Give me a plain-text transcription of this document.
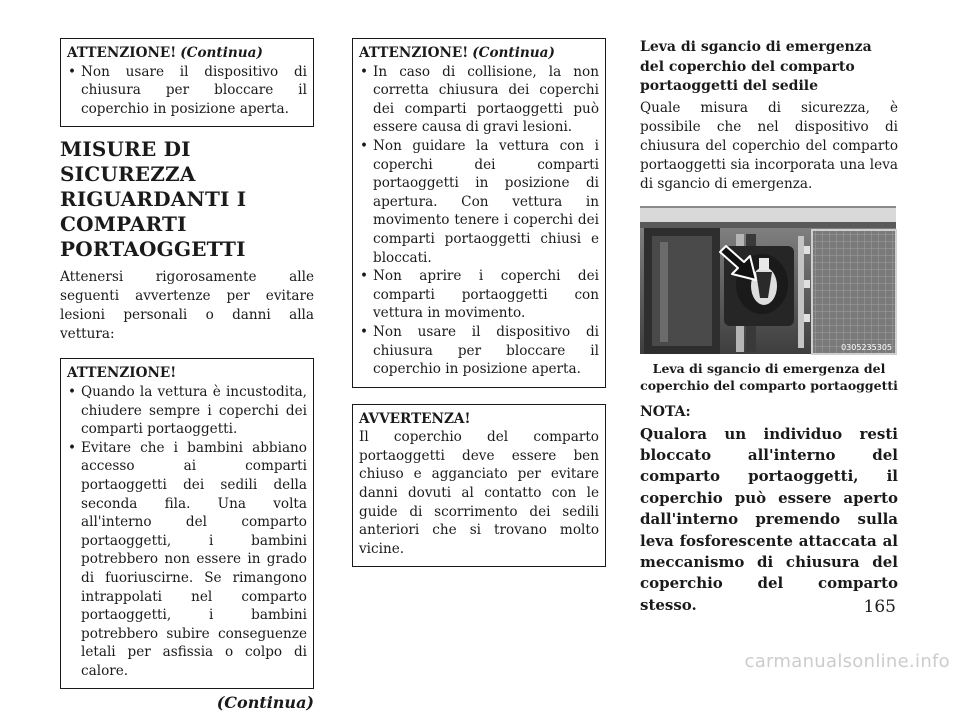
ATTENZIONE! (Continua)
• Non usare il dispositivo di chiusura per bloccare il coperchio in posizione aperta.
MISURE DI SICUREZZA RIGUARDANTI I COMPARTI PORTAOGGETTI
Attenersi rigorosamente alle seguenti avvertenze per evitare lesioni personali o danni alla vettura:
ATTENZIONE!
• Quando la vettura è incustodita, chiudere sempre i coperchi dei comparti portaoggetti.
• Evitare che i bambini abbiano accesso ai comparti portaoggetti dei sedili della seconda fila. Una volta all'interno del comparto portaoggetti, i bambini potrebbero non essere in grado di fuoriuscirne. Se rimangono intrappolati nel comparto portaoggetti, i bambini potrebbero subire conseguenze letali per asfissia o colpo di calore.
(Continua)
ATTENZIONE! (Continua)
• In caso di collisione, la non corretta chiusura dei coperchi dei comparti portaoggetti può essere causa di gravi lesioni.
• Non guidare la vettura con i coperchi dei comparti portaoggetti in posizione di apertura. Con vettura in movimento tenere i coperchi dei comparti portaoggetti chiusi e bloccati.
• Non aprire i coperchi dei comparti portaoggetti con vettura in movimento.
• Non usare il dispositivo di chiusura per bloccare il coperchio in posizione aperta.
AVVERTENZA!
Il coperchio del comparto portaoggetti deve essere ben chiuso e agganciato per evitare danni dovuti al contatto con le guide di scorrimento dei sedili anteriori che si trovano molto vicine.
Leva di sgancio di emergenza del coperchio del comparto portaoggetti del sedile
Quale misura di sicurezza, è possibile che nel dispositivo di chiusura del coperchio del comparto portaoggetti sia incorporata una leva di sgancio di emergenza.
0305235305
Leva di sgancio di emergenza del coperchio del comparto portaoggetti
NOTA:
Qualora un individuo resti bloccato all'interno del comparto portaoggetti, il coperchio può essere aperto dall'interno premendo sulla leva fosforescente attaccata al meccanismo di chiusura del coperchio del comparto stesso.	165
carmanualsonline.info
